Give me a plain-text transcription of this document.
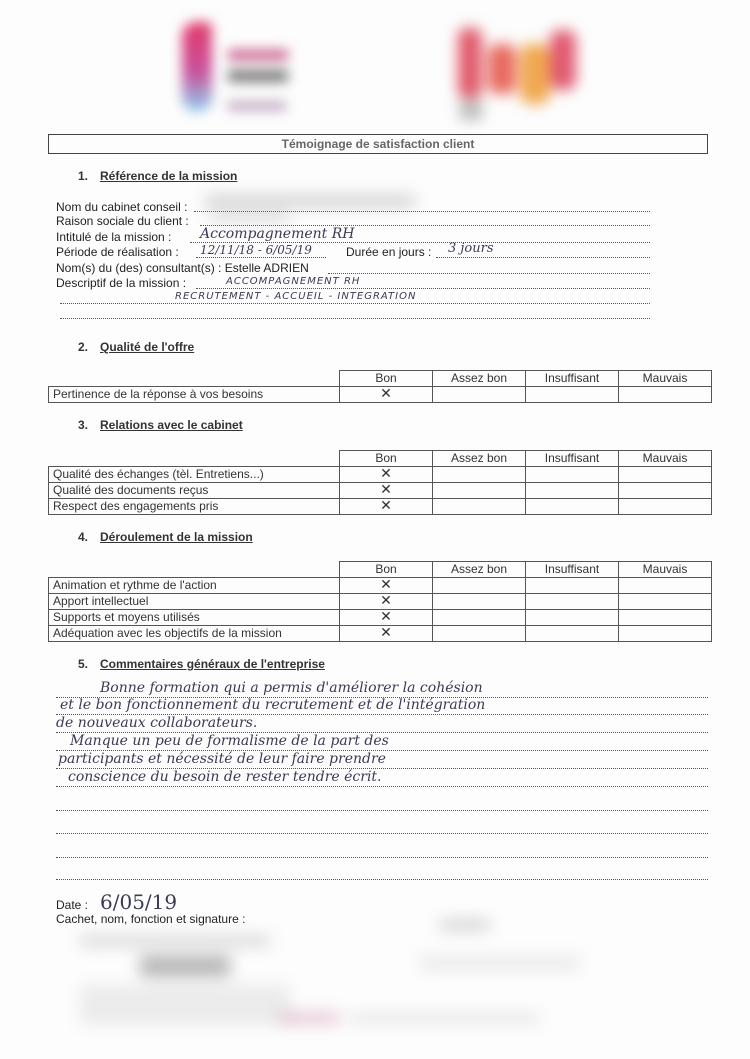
Témoignage de satisfaction client
1. Référence de la mission
Nom du cabinet conseil :
Raison sociale du client :
Intitulé de la mission : Accompagnement RH
Période de réalisation : 12/11/18 - 6/05/19	Durée en jours : 3 jours
Nom(s) du (des) consultant(s) : Estelle ADRIEN
Descriptif de la mission :	ACCOMPAGNEMENT RH
RECRUTEMENT - ACCUEIL - INTEGRATION
2. Qualité de l'offre
	Bon	Assez bon	Insuffisant	Mauvais
Pertinence de la réponse à vos besoins	✕			
3. Relations avec le cabinet
	Bon	Assez bon	Insuffisant	Mauvais
Qualité des échanges (tèl. Entretiens...)	✕			
Qualité des documents reçus	✕			
Respect des engagements pris	✕			
4. Déroulement de la mission
	Bon	Assez bon	Insuffisant	Mauvais
Animation et rythme de l'action	✕			
Apport intellectuel	✕			
Supports et moyens utilisés	✕			
Adéquation avec les objectifs de la mission	✕			
5. Commentaires généraux de l'entreprise
Bonne formation qui a permis d'améliorer la cohésion
et le bon fonctionnement du recrutement et de l'intégration
de nouveaux collaborateurs.
Manque un peu de formalisme de la part des
participants et nécessité de leur faire prendre
conscience du besoin de rester tendre écrit.
Date : 6/05/19
Cachet, nom, fonction et signature :
